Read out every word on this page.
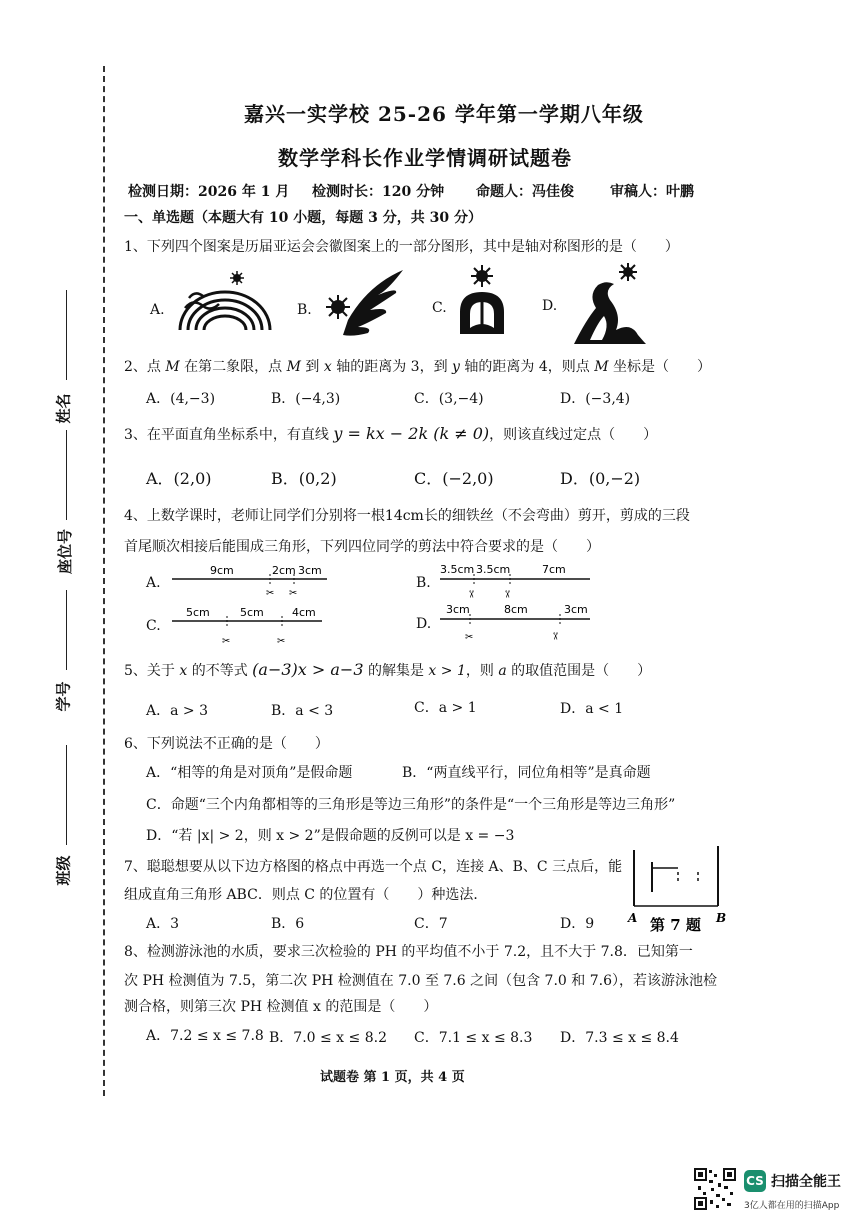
姓名
座位号
学号
班级
嘉兴一实学校 25-26 学年第一学期八年级
数学学科长作业学情调研试题卷
检测日期：2026 年 1 月 检测时长：120 分钟 命题人：冯佳俊	审稿人：叶鹏
一、单选题（本题大有 10 小题，每题 3 分，共 30 分）
1、下列四个图案是历届亚运会会徽图案上的一部分图形，其中是轴对称图形的是（　　）
A.	B.	C.	D.
2、点 M 在第二象限，点 M 到 x 轴的距离为 3，到 y 轴的距离为 4，则点 M 坐标是（　　）
A．(4,−3)	B．(−4,3)	C．(3,−4)	D．(−3,4)
3、在平面直角坐标系中，有直线 y = kx − 2k (k ≠ 0)，则该直线过定点（　　）
A．(2,0)	B．(0,2)	C．(−2,0)	D．(0,−2)
4、上数学课时，老师让同学们分别将一根14cm长的细铁丝（不会弯曲）剪开，剪成的三段
首尾顺次相接后能围成三角形，下列四位同学的剪法中符合要求的是（　　）
A.
9cm	2cm 3cm
✂ ✂
B.
3.5cm 3.5cm	7cm
✂	✂
C.
5cm	5cm	4cm
✂	✂
D.
3cm	8cm	3cm
✂	✂
5、关于 x 的不等式 (a−3)x > a−3 的解集是 x > 1，则 a 的取值范围是（　　）
A．a > 3	B．a < 3	C．a > 1	D．a < 1
6、下列说法不正确的是（　　）
A．“相等的角是对顶角”是假命题	B．“两直线平行，同位角相等”是真命题
C．命题“三个内角都相等的三角形是等边三角形”的条件是“一个三角形是等边三角形”
D．“若 |x| > 2，则 x > 2”是假命题的反例可以是 x = −3
7、聪聪想要从以下边方格图的格点中再选一个点 C，连接 A、B、C 三点后，能
组成直角三角形 ABC．则点 C 的位置有（　　）种选法．
A．3	B．6	C．7	D．9	A	B
第 7 题
8、检测游泳池的水质，要求三次检验的 PH 的平均值不小于 7.2，且不大于 7.8．已知第一
次 PH 检测值为 7.5，第二次 PH 检测值在 7.0 至 7.6 之间（包含 7.0 和 7.6），若该游泳池检
测合格，则第三次 PH 检测值 x 的范围是（　　）
A．7.2 ≤ x ≤ 7.8 B．7.0 ≤ x ≤ 8.2 C．7.1 ≤ x ≤ 8.3 D．7.3 ≤ x ≤ 8.4
试题卷 第 1 页，共 4 页
CS 扫描全能王
3亿人都在用的扫描App
